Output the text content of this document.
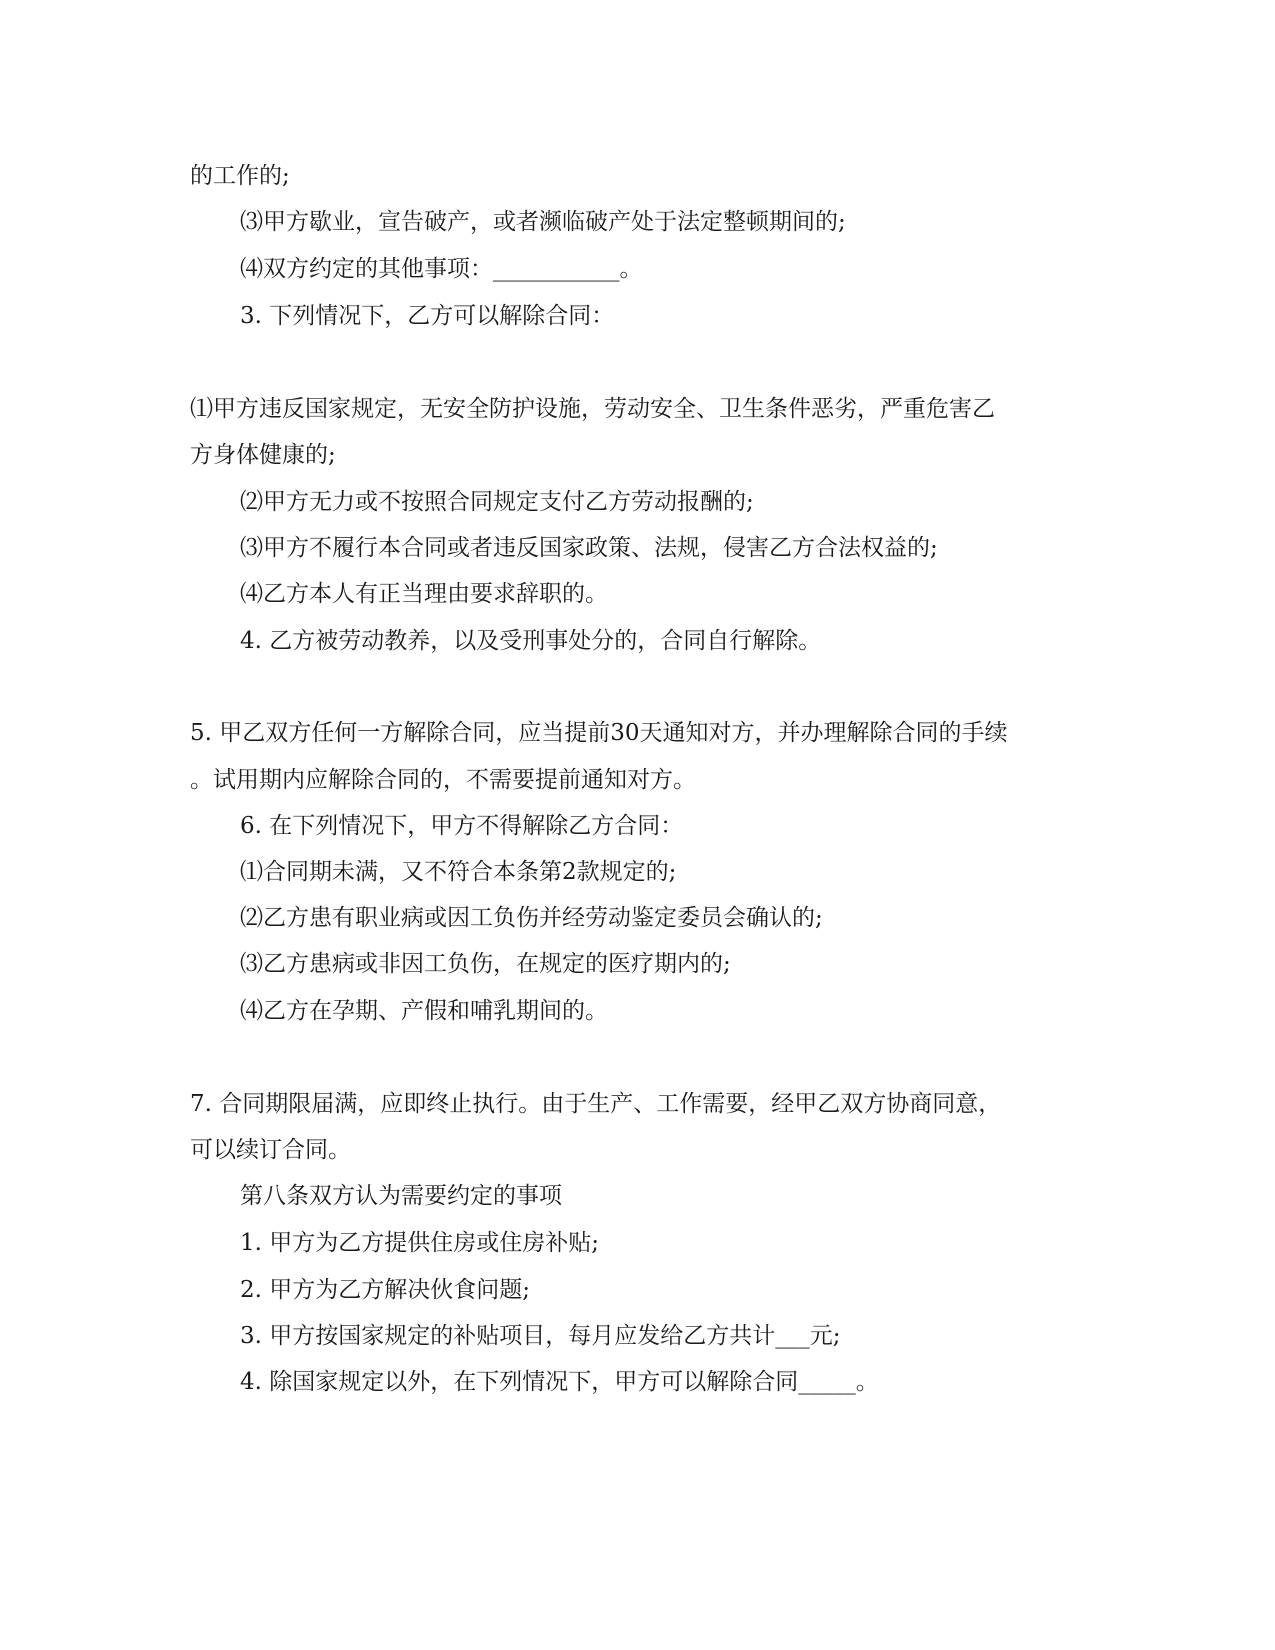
的工作的;
⑶甲方歇业，宣告破产，或者濒临破产处于法定整顿期间的;
⑷双方约定的其他事项：___________。
3. 下列情况下，乙方可以解除合同：
⑴甲方违反国家规定，无安全防护设施，劳动安全、卫生条件恶劣，严重危害乙
方身体健康的;
⑵甲方无力或不按照合同规定支付乙方劳动报酬的;
⑶甲方不履行本合同或者违反国家政策、法规，侵害乙方合法权益的;
⑷乙方本人有正当理由要求辞职的。
4. 乙方被劳动教养，以及受刑事处分的，合同自行解除。
5. 甲乙双方任何一方解除合同，应当提前30天通知对方，并办理解除合同的手续
。试用期内应解除合同的，不需要提前通知对方。
6. 在下列情况下，甲方不得解除乙方合同：
⑴合同期未满，又不符合本条第2款规定的;
⑵乙方患有职业病或因工负伤并经劳动鉴定委员会确认的;
⑶乙方患病或非因工负伤，在规定的医疗期内的;
⑷乙方在孕期、产假和哺乳期间的。
7. 合同期限届满，应即终止执行。由于生产、工作需要，经甲乙双方协商同意，
可以续订合同。
第八条双方认为需要约定的事项
1. 甲方为乙方提供住房或住房补贴;
2. 甲方为乙方解决伙食问题;
3. 甲方按国家规定的补贴项目，每月应发给乙方共计___元;
4. 除国家规定以外，在下列情况下，甲方可以解除合同_____。
